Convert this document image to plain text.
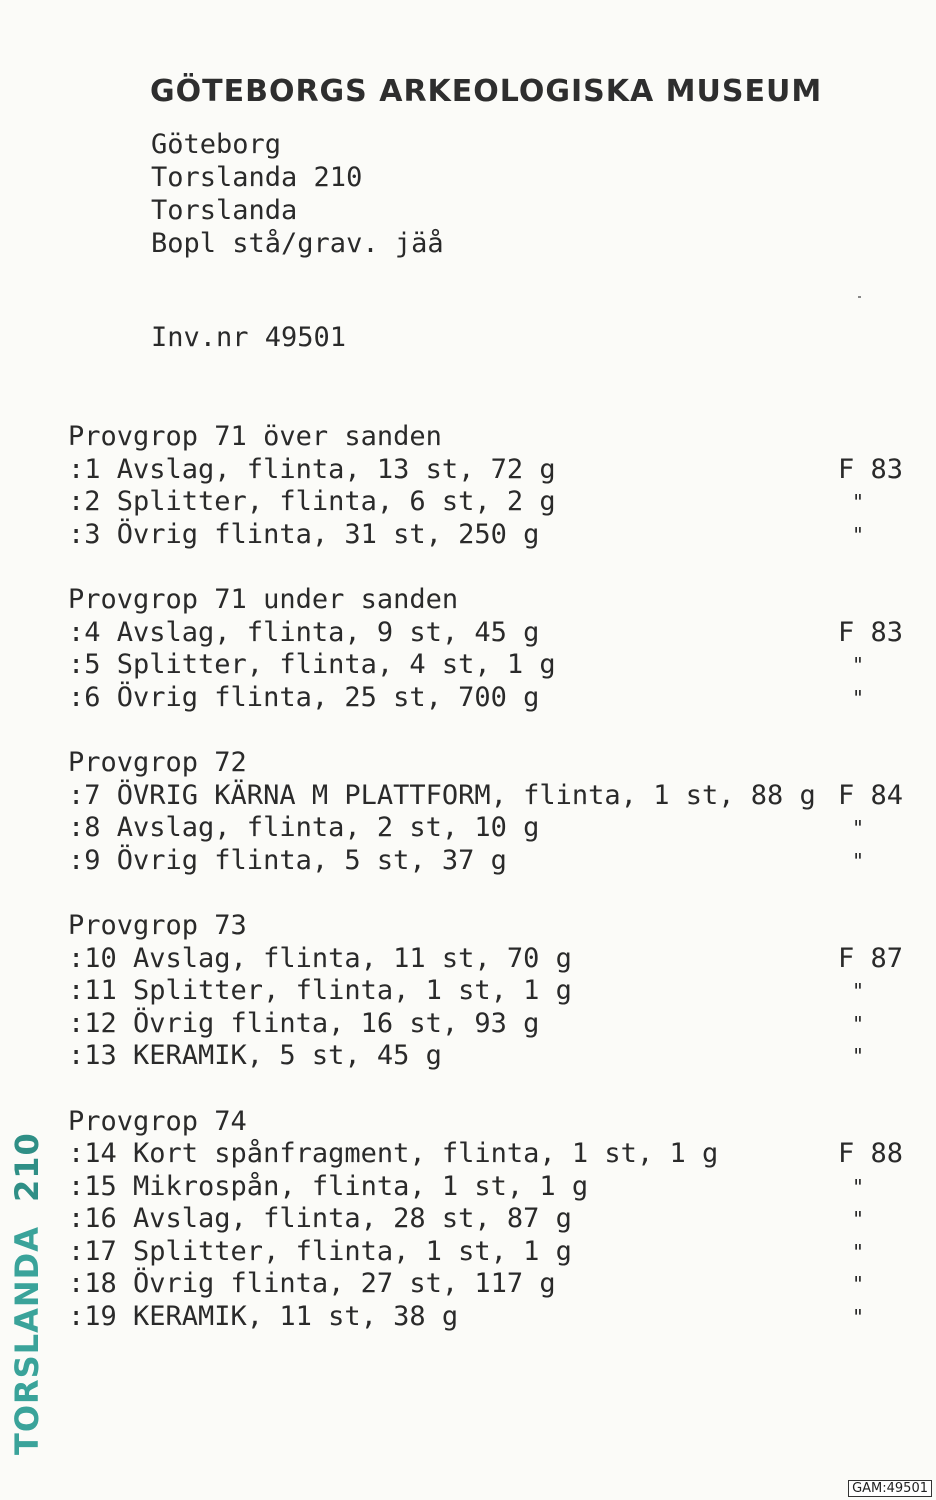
GÖTEBORGS ARKEOLOGISKA MUSEUM
Göteborg
Torslanda 210
Torslanda
Bopl stå/grav. jäå
Inv.nr 49501
Provgrop 71 över sanden
:1 Avslag, flinta, 13 st, 72 g	F 83
:2 Splitter, flinta, 6 st, 2 g	"
:3 Övrig flinta, 31 st, 250 g	"
Provgrop 71 under sanden
:4 Avslag, flinta, 9 st, 45 g	F 83
:5 Splitter, flinta, 4 st, 1 g	"
:6 Övrig flinta, 25 st, 700 g	"
Provgrop 72
:7 ÖVRIG KÄRNA M PLATTFORM, flinta, 1 st, 88 g F 84
:8 Avslag, flinta, 2 st, 10 g	"
:9 Övrig flinta, 5 st, 37 g	"
Provgrop 73
:10 Avslag, flinta, 11 st, 70 g	F 87
:11 Splitter, flinta, 1 st, 1 g	"
:12 Övrig flinta, 16 st, 93 g	"
:13 KERAMIK, 5 st, 45 g	"
Provgrop 74
:14 Kort spånfragment, flinta, 1 st, 1 g	F 88
:15 Mikrospån, flinta, 1 st, 1 g	"
:16 Avslag, flinta, 28 st, 87 g	"
:17 Splitter, flinta, 1 st, 1 g	"
:18 Övrig flinta, 27 st, 117 g	"
:19 KERAMIK, 11 st, 38 g	"
TORSLANDA210
GAM:49501
